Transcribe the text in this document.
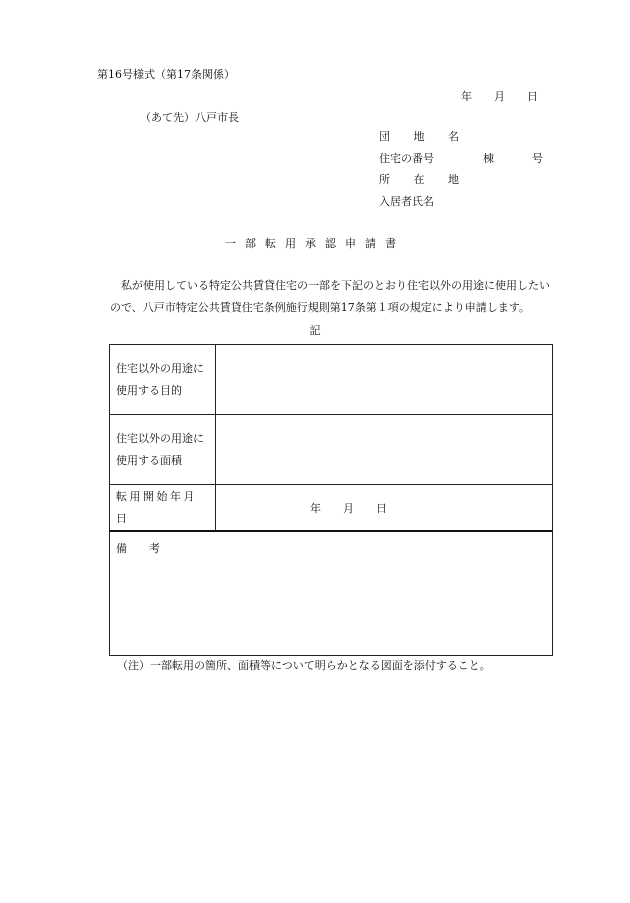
第16号様式（第17条関係）
年 月 日
（あて先）八戸市長
団 地 名
住宅の番号	棟	号
所 在 地
入居者氏名
一部転用承認申請書
私が使用している特定公共賃貸住宅の一部を下記のとおり住宅以外の用途に使用したいので、八戸市特定公共賃貸住宅条例施行規則第17条第１項の規定により申請します。
記
住宅以外の用途に
使用する目的	

住宅以外の用途に
使用する面積	

転用開始年月日	年 月 日
備 考	
（注）一部転用の箇所、面積等について明らかとなる図面を添付すること。
